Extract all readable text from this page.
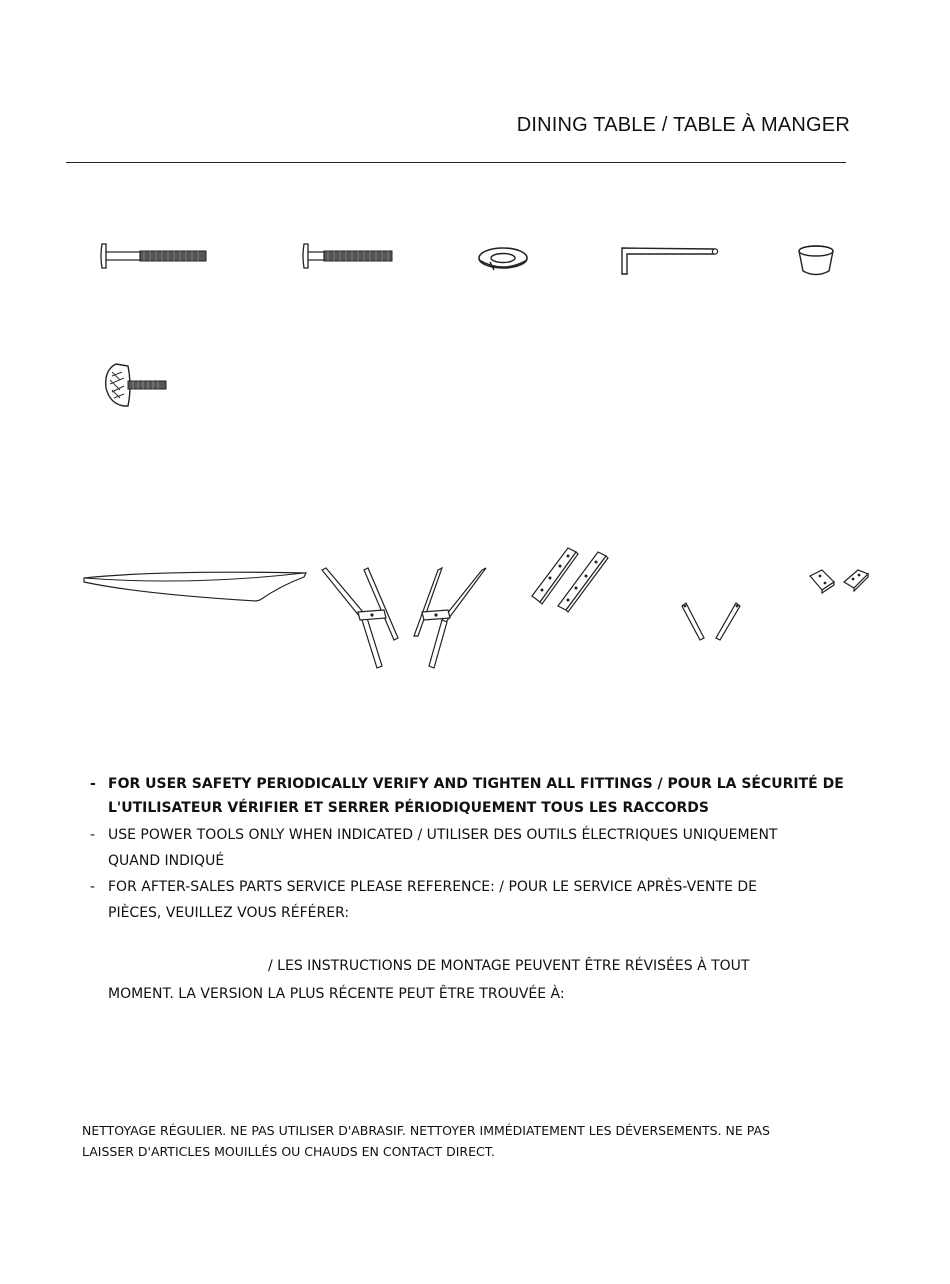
DINING TABLE / TABLE À MANGER

- FOR USER SAFETY PERIODICALLY VERIFY AND TIGHTEN ALL FITTINGS / POUR LA SÉCURITÉ DE
L'UTILISATEUR VÉRIFIER ET SERRER PÉRIODIQUEMENT TOUS LES RACCORDS

- USE POWER TOOLS ONLY WHEN INDICATED / UTILISER DES OUTILS ÉLECTRIQUES UNIQUEMENT
QUAND INDIQUÉ

- FOR AFTER-SALES PARTS SERVICE PLEASE REFERENCE: / POUR LE SERVICE APRÈS-VENTE DE
PIÈCES, VEUILLEZ VOUS RÉFÉRER:

/ LES INSTRUCTIONS DE MONTAGE PEUVENT ÊTRE RÉVISÉES À TOUT

MOMENT. LA VERSION LA PLUS RÉCENTE PEUT ÊTRE TROUVÉE À:

NETTOYAGE RÉGULIER. NE PAS UTILISER D'ABRASIF. NETTOYER IMMÉDIATEMENT LES DÉVERSEMENTS. NE PAS

LAISSER D'ARTICLES MOUILLÉS OU CHAUDS EN CONTACT DIRECT.
